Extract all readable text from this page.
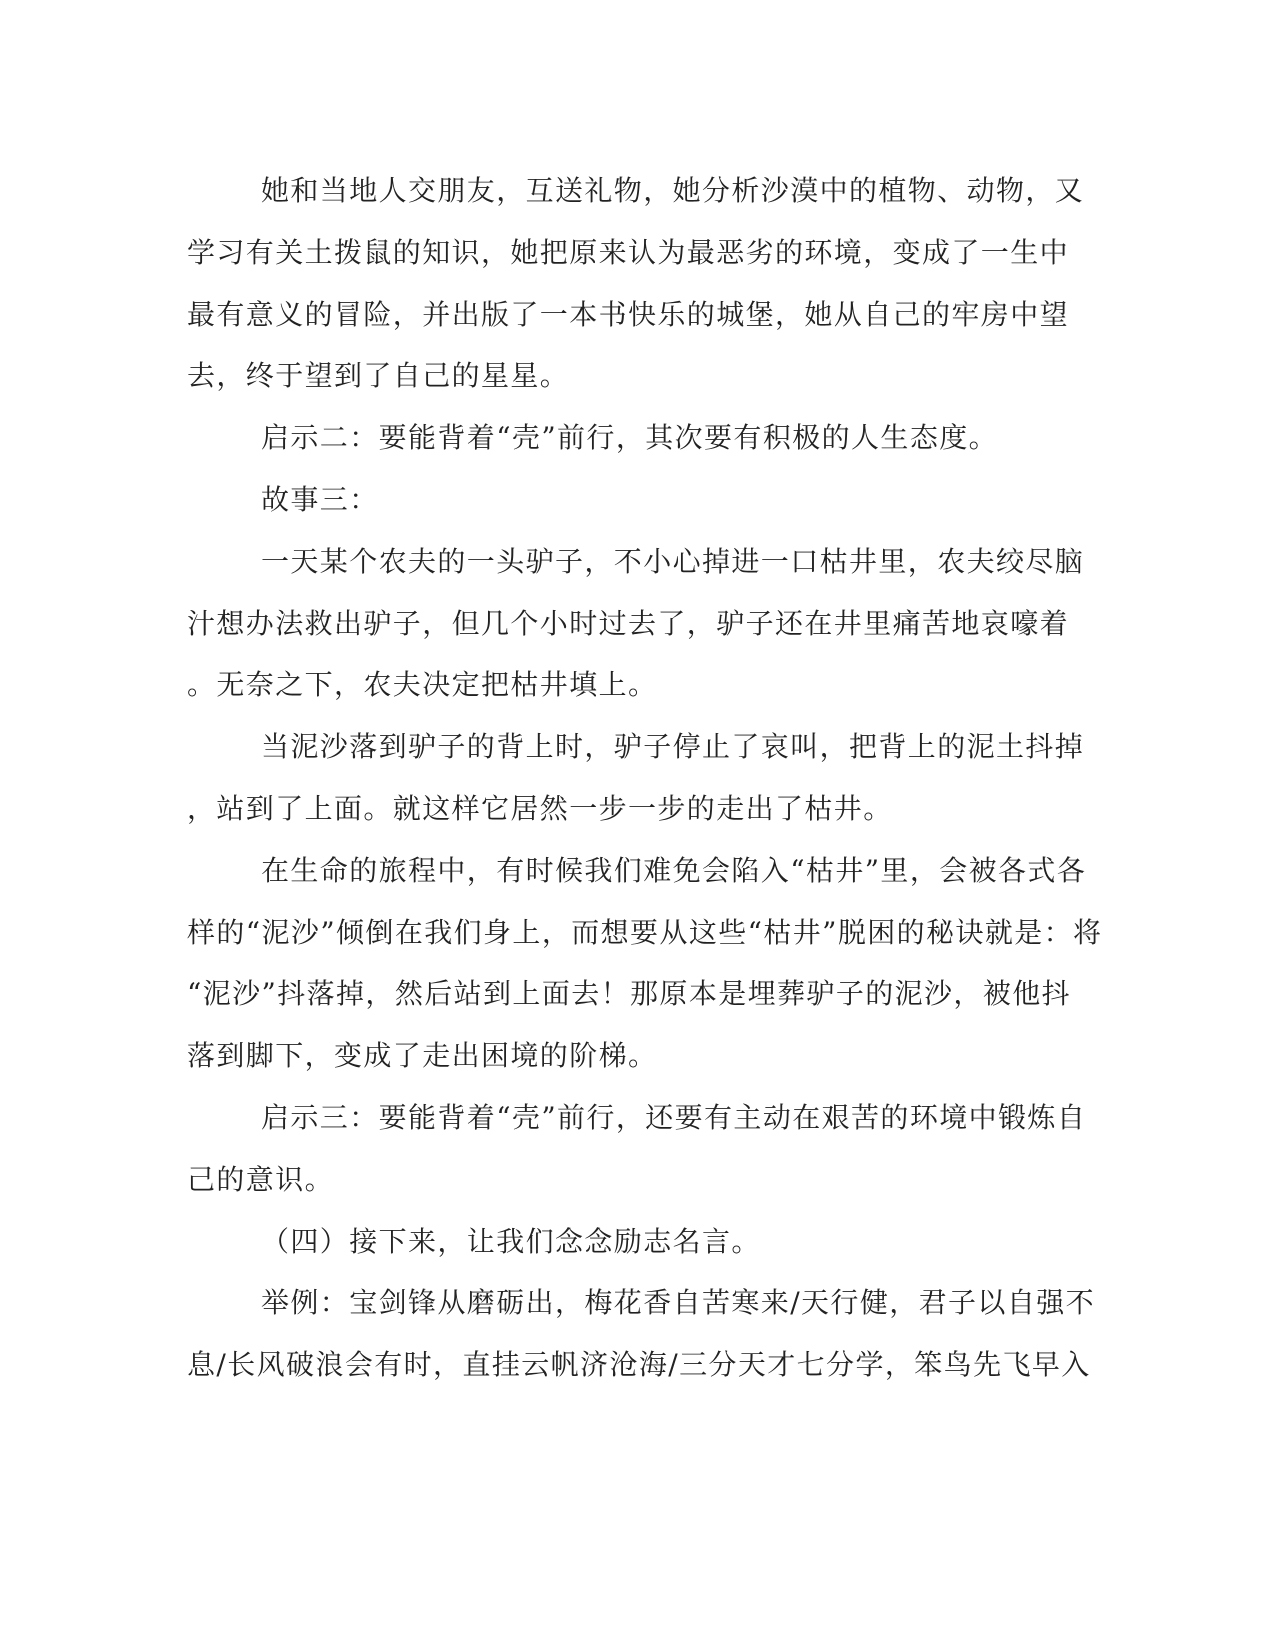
她和当地人交朋友，互送礼物，她分析沙漠中的植物、动物，又
学习有关土拨鼠的知识，她把原来认为最恶劣的环境，变成了一生中
最有意义的冒险，并出版了一本书快乐的城堡，她从自己的牢房中望
去，终于望到了自己的星星。
启示二：要能背着“壳”前行，其次要有积极的人生态度。
故事三：
一天某个农夫的一头驴子，不小心掉进一口枯井里，农夫绞尽脑
汁想办法救出驴子，但几个小时过去了，驴子还在井里痛苦地哀嚎着
。无奈之下，农夫决定把枯井填上。
当泥沙落到驴子的背上时，驴子停止了哀叫，把背上的泥土抖掉
，站到了上面。就这样它居然一步一步的走出了枯井。
在生命的旅程中，有时候我们难免会陷入“枯井”里，会被各式各
样的“泥沙”倾倒在我们身上，而想要从这些“枯井”脱困的秘诀就是：将
“泥沙”抖落掉，然后站到上面去！那原本是埋葬驴子的泥沙，被他抖
落到脚下，变成了走出困境的阶梯。
启示三：要能背着“壳”前行，还要有主动在艰苦的环境中锻炼自
己的意识。
（四）接下来，让我们念念励志名言。
举例：宝剑锋从磨砺出，梅花香自苦寒来/天行健，君子以自强不
息/长风破浪会有时，直挂云帆济沧海/三分天才七分学，笨鸟先飞早入
